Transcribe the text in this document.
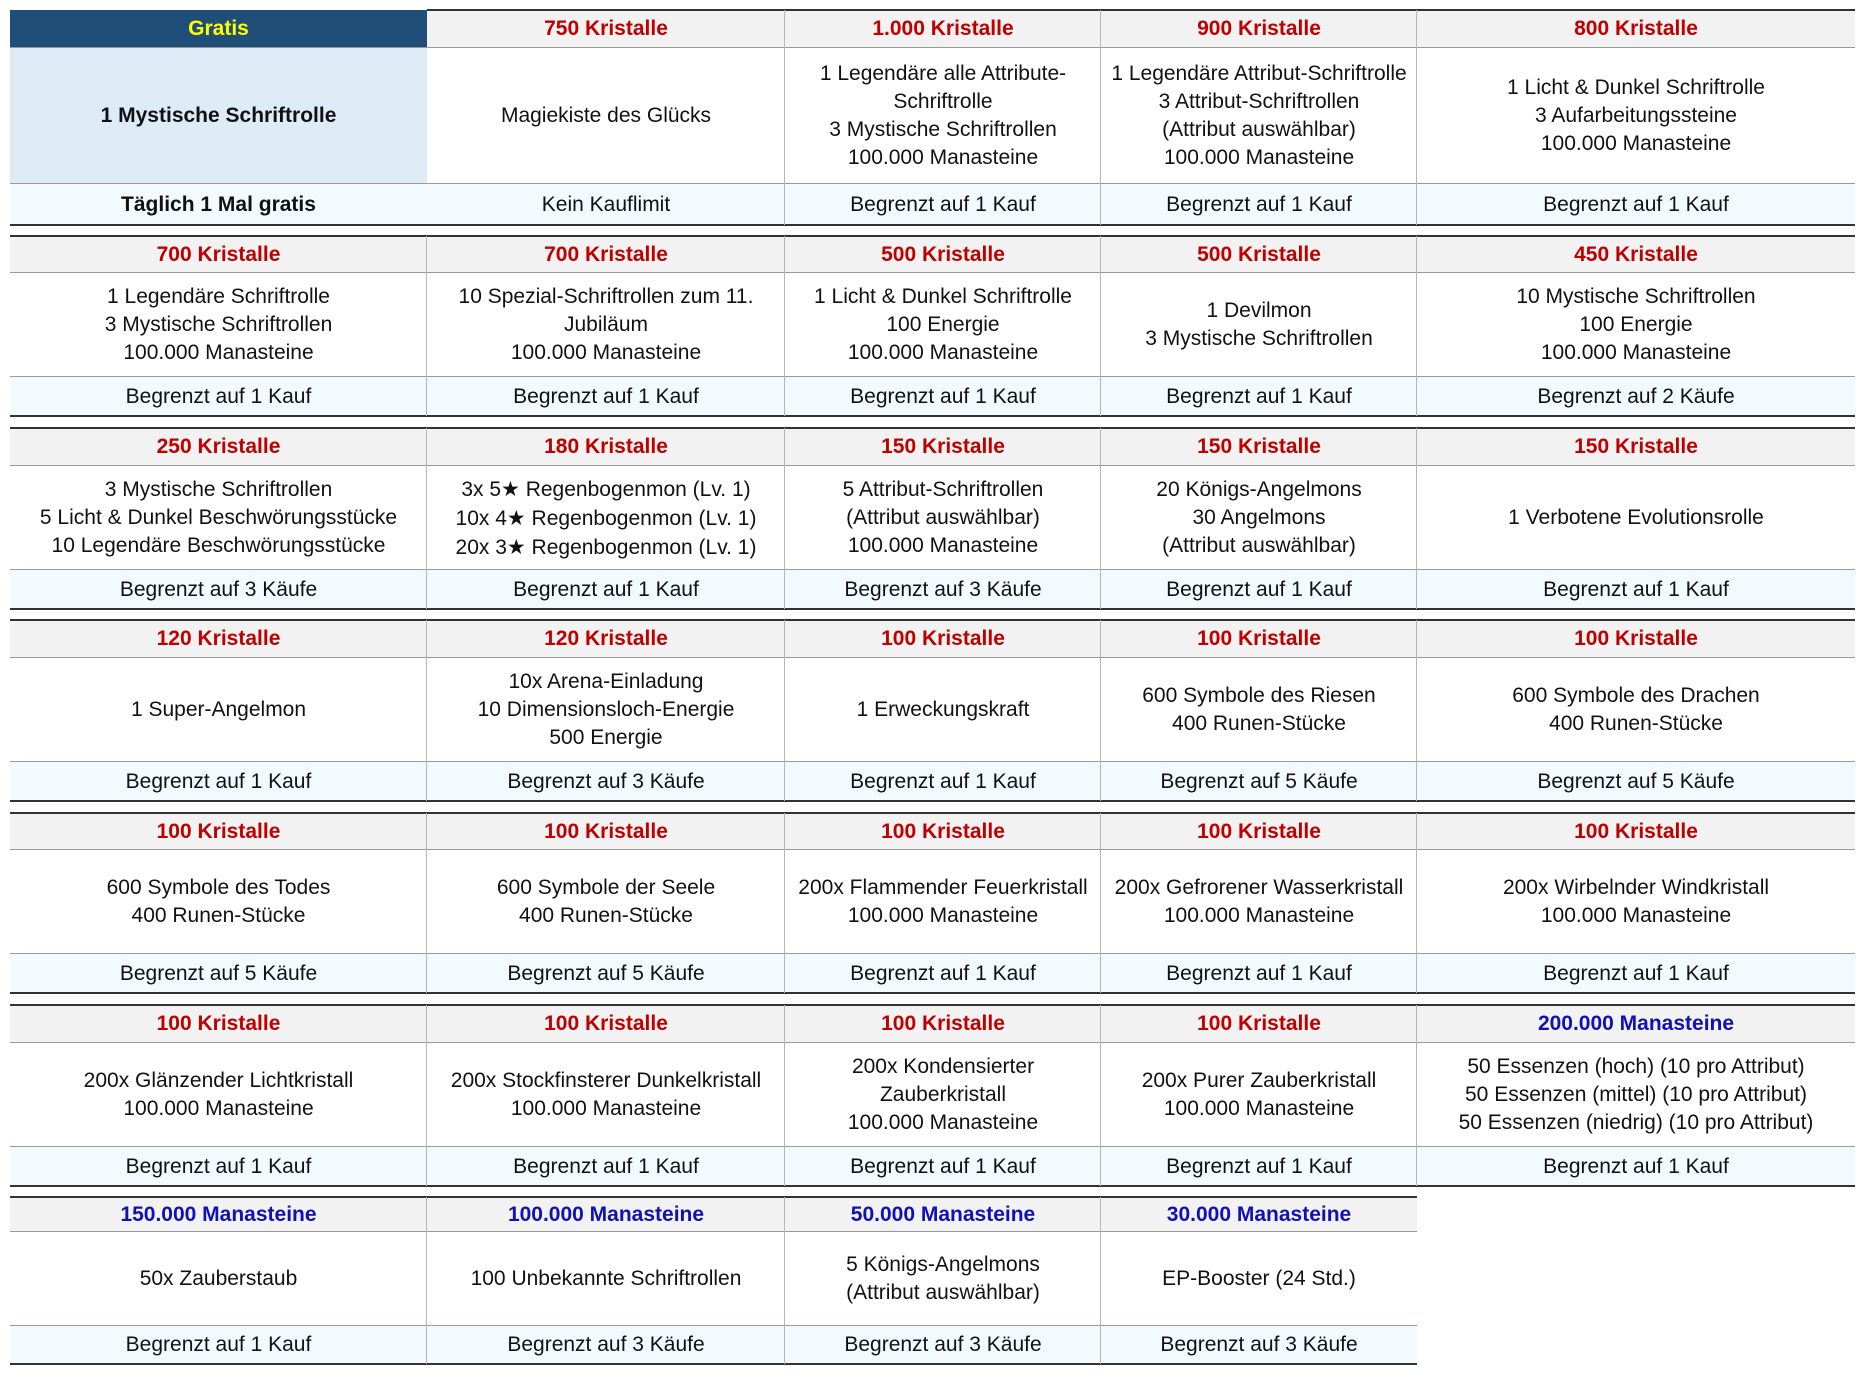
Gratis
1 Mystische Schriftrolle
Täglich 1 Mal gratis
750 Kristalle
Magiekiste des Glücks
Kein Kauflimit
1.000 Kristalle
1 Legendäre alle Attribute-
Schriftrolle
3 Mystische Schriftrollen
100.000 Manasteine
Begrenzt auf 1 Kauf
900 Kristalle
1 Legendäre Attribut-Schriftrolle
3 Attribut-Schriftrollen
(Attribut auswählbar)
100.000 Manasteine
Begrenzt auf 1 Kauf
800 Kristalle
1 Licht & Dunkel Schriftrolle
3 Aufarbeitungssteine
100.000 Manasteine
Begrenzt auf 1 Kauf
700 Kristalle
1 Legendäre Schriftrolle
3 Mystische Schriftrollen
100.000 Manasteine
Begrenzt auf 1 Kauf
700 Kristalle
10 Spezial-Schriftrollen zum 11.
Jubiläum
100.000 Manasteine
Begrenzt auf 1 Kauf
500 Kristalle
1 Licht & Dunkel Schriftrolle
100 Energie
100.000 Manasteine
Begrenzt auf 1 Kauf
500 Kristalle
1 Devilmon
3 Mystische Schriftrollen
Begrenzt auf 1 Kauf
450 Kristalle
10 Mystische Schriftrollen
100 Energie
100.000 Manasteine
Begrenzt auf 2 Käufe
250 Kristalle
3 Mystische Schriftrollen
5 Licht & Dunkel Beschwörungsstücke
10 Legendäre Beschwörungsstücke
Begrenzt auf 3 Käufe
180 Kristalle
3x 5★ Regenbogenmon (Lv. 1)
10x 4★ Regenbogenmon (Lv. 1)
20x 3★ Regenbogenmon (Lv. 1)
Begrenzt auf 1 Kauf
150 Kristalle
5 Attribut-Schriftrollen
(Attribut auswählbar)
100.000 Manasteine
Begrenzt auf 3 Käufe
150 Kristalle
20 Königs-Angelmons
30 Angelmons
(Attribut auswählbar)
Begrenzt auf 1 Kauf
150 Kristalle
1 Verbotene Evolutionsrolle
Begrenzt auf 1 Kauf
120 Kristalle
1 Super-Angelmon
Begrenzt auf 1 Kauf
120 Kristalle
10x Arena-Einladung
10 Dimensionsloch-Energie
500 Energie
Begrenzt auf 3 Käufe
100 Kristalle
1 Erweckungskraft
Begrenzt auf 1 Kauf
100 Kristalle
600 Symbole des Riesen
400 Runen-Stücke
Begrenzt auf 5 Käufe
100 Kristalle
600 Symbole des Drachen
400 Runen-Stücke
Begrenzt auf 5 Käufe
100 Kristalle
600 Symbole des Todes
400 Runen-Stücke
Begrenzt auf 5 Käufe
100 Kristalle
600 Symbole der Seele
400 Runen-Stücke
Begrenzt auf 5 Käufe
100 Kristalle
200x Flammender Feuerkristall
100.000 Manasteine
Begrenzt auf 1 Kauf
100 Kristalle
200x Gefrorener Wasserkristall
100.000 Manasteine
Begrenzt auf 1 Kauf
100 Kristalle
200x Wirbelnder Windkristall
100.000 Manasteine
Begrenzt auf 1 Kauf
100 Kristalle
200x Glänzender Lichtkristall
100.000 Manasteine
Begrenzt auf 1 Kauf
100 Kristalle
200x Stockfinsterer Dunkelkristall
100.000 Manasteine
Begrenzt auf 1 Kauf
100 Kristalle
200x Kondensierter
Zauberkristall
100.000 Manasteine
Begrenzt auf 1 Kauf
100 Kristalle
200x Purer Zauberkristall
100.000 Manasteine
Begrenzt auf 1 Kauf
200.000 Manasteine
50 Essenzen (hoch) (10 pro Attribut)
50 Essenzen (mittel) (10 pro Attribut)
50 Essenzen (niedrig) (10 pro Attribut)
Begrenzt auf 1 Kauf
150.000 Manasteine
50x Zauberstaub
Begrenzt auf 1 Kauf
100.000 Manasteine
100 Unbekannte Schriftrollen
Begrenzt auf 3 Käufe
50.000 Manasteine
5 Königs-Angelmons
(Attribut auswählbar)
Begrenzt auf 3 Käufe
30.000 Manasteine
EP-Booster (24 Std.)
Begrenzt auf 3 Käufe
